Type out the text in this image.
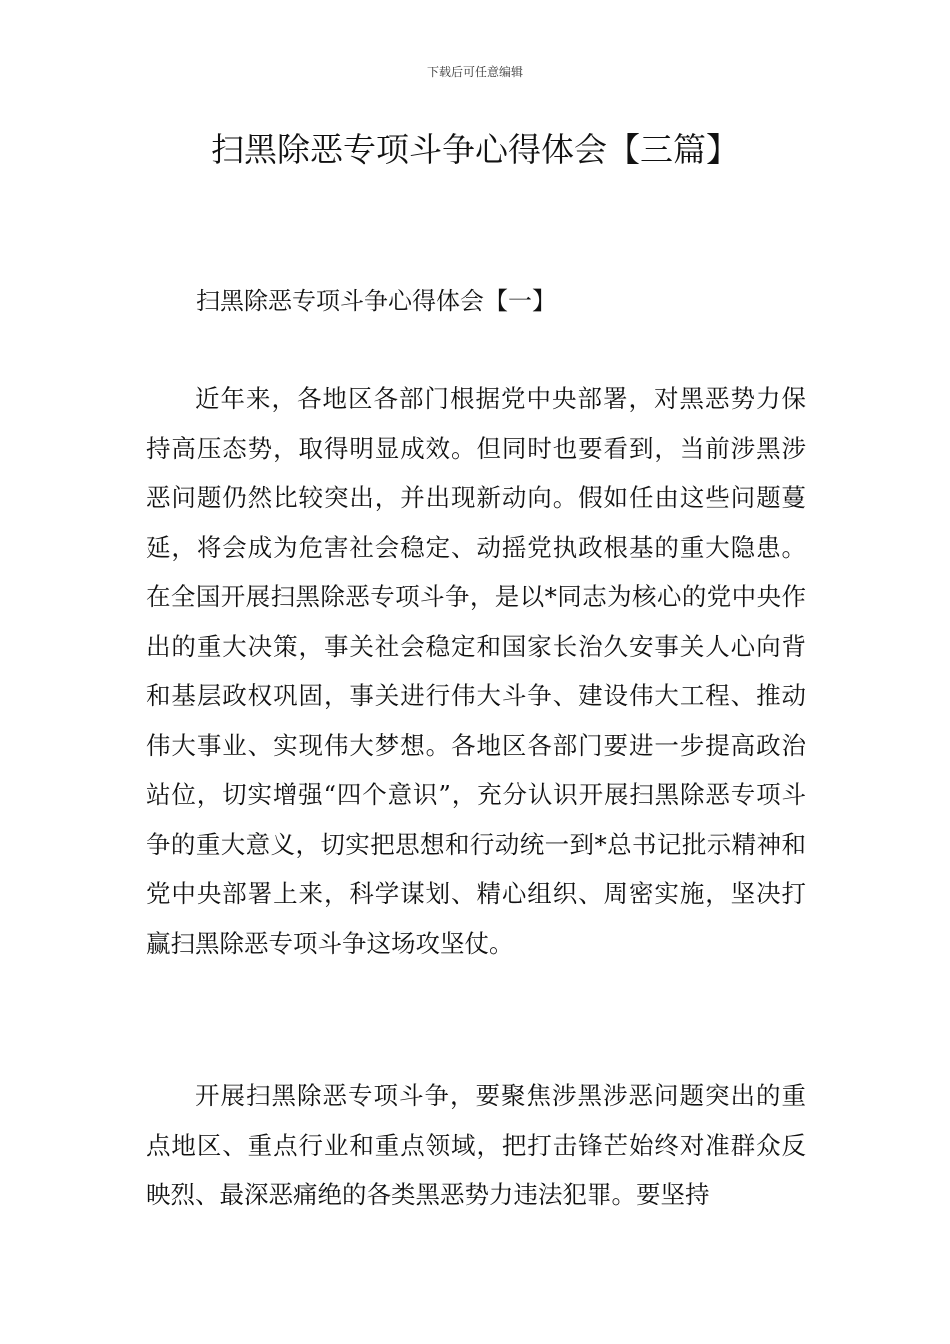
下载后可任意编辑
扫黑除恶专项斗争心得体会【三篇】
扫黑除恶专项斗争心得体会【一】

近年来，各地区各部门根据党中央部署，对黑恶势力保持高压态势，取得明显成效。但同时也要看到，当前涉黑涉恶问题仍然比较突出，并出现新动向。假如任由这些问题蔓延，将会成为危害社会稳定、动摇党执政根基的重大隐患。在全国开展扫黑除恶专项斗争，是以*同志为核心的党中央作出的重大决策，事关社会稳定和国家长治久安事关人心向背和基层政权巩固，事关进行伟大斗争、建设伟大工程、推动伟大事业、实现伟大梦想。各地区各部门要进一步提高政治站位，切实增强“四个意识”，充分认识开展扫黑除恶专项斗争的重大意义，切实把思想和行动统一到*总书记批示精神和党中央部署上来，科学谋划、精心组织、周密实施，坚决打赢扫黑除恶专项斗争这场攻坚仗。

开展扫黑除恶专项斗争，要聚焦涉黑涉恶问题突出的重点地区、重点行业和重点领域，把打击锋芒始终对准群众反映烈、最深恶痛绝的各类黑恶势力违法犯罪。要坚持
